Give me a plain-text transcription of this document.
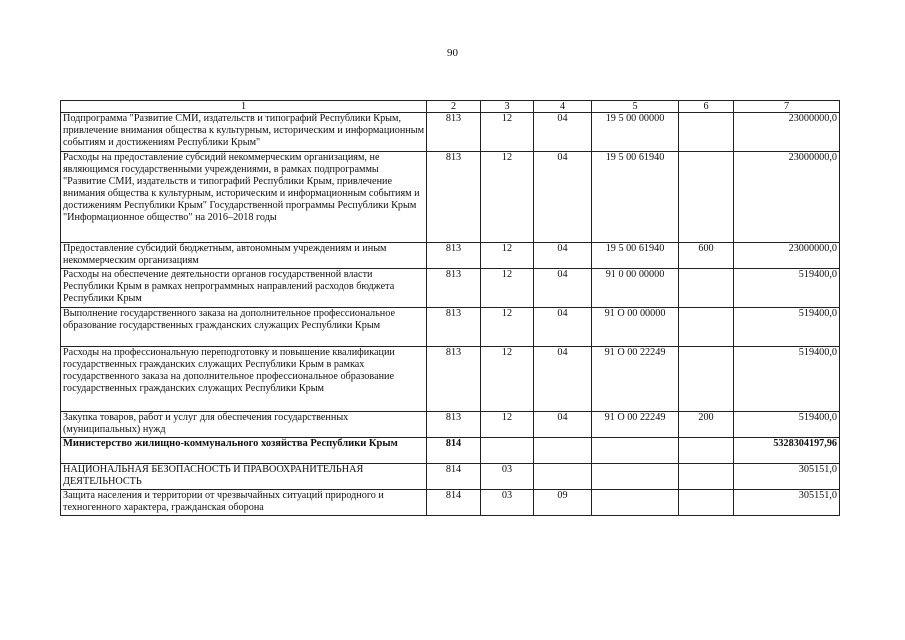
90
1	2	3	4	5	6	7
Подпрограмма "Развитие СМИ, издательств и типографий Республики Крым, привлечение внимания общества к культурным, историческим и информационным событиям и достижениям Республики Крым"	813	12	04	19 5 00 00000		23000000,0
Расходы на предоставление субсидий некоммерческим организациям, не являющимся государственными учреждениями, в рамках подпрограммы "Развитие СМИ, издательств и типографий Республики Крым, привлечение внимания общества к культурным, историческим и информационным событиям и достижениям Республики Крым" Государственной программы Республики Крым "Информационное общество" на 2016–2018 годы	813	12	04	19 5 00 61940		23000000,0
Предоставление субсидий бюджетным, автономным учреждениям и иным некоммерческим организациям	813	12	04	19 5 00 61940	600	23000000,0
Расходы на обеспечение деятельности органов государственной власти Республики Крым в рамках непрограммных направлений расходов бюджета Республики Крым	813	12	04	91 0 00 00000		519400,0
Выполнение государственного заказа на дополнительное профессиональное образование государственных гражданских служащих Республики Крым	813	12	04	91 О 00 00000		519400,0
Расходы на профессиональную переподготовку и повышение квалификации государственных гражданских служащих Республики Крым в рамках государственного заказа на дополнительное профессиональное образование государственных гражданских служащих Республики Крым	813	12	04	91 О 00 22249		519400,0
Закупка товаров, работ и услуг для обеспечения государственных (муниципальных) нужд	813	12	04	91 О 00 22249	200	519400,0
Министерство жилищно-коммунального хозяйства Республики Крым	814					5328304197,96
НАЦИОНАЛЬНАЯ БЕЗОПАСНОСТЬ И ПРАВООХРАНИТЕЛЬНАЯ ДЕЯТЕЛЬНОСТЬ	814	03				305151,0
Защита населения и территории от чрезвычайных ситуаций природного и техногенного характера, гражданская оборона	814	03	09			305151,0
